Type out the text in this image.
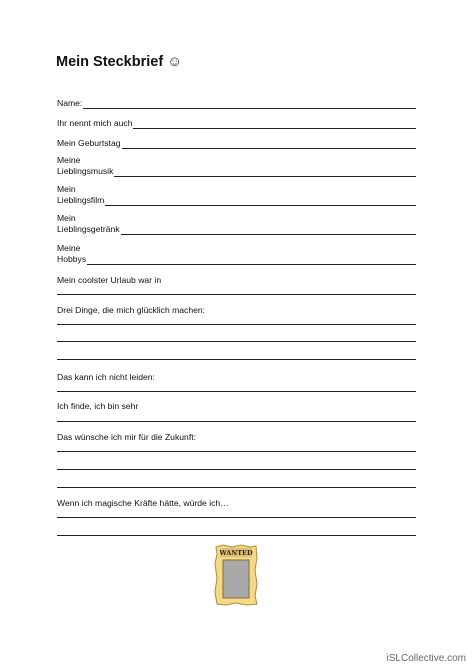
Mein Steckbrief ☺
Name:
Ihr nennt mich auch
Mein Geburtstag
Meine
Lieblingsmusik
Mein
Lieblingsfilm
Mein
Lieblingsgetränk
Meine
Hobbys
Mein coolster Urlaub war in
Drei Dinge, die mich glücklich machen:
Das kann ich nicht leiden:
Ich finde, ich bin sehr
Das wünsche ich mir für die Zukunft:
Wenn ich magische Kräfte hätte, würde ich…
WANTED
iSLCollective.com
